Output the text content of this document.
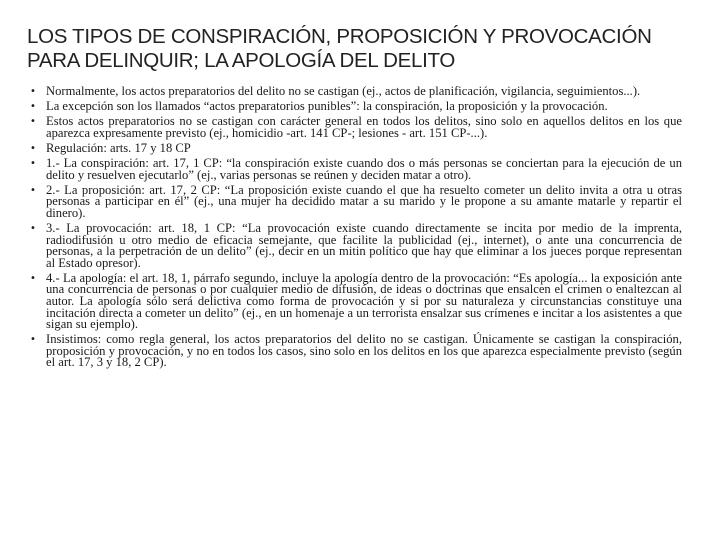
LOS TIPOS DE CONSPIRACIÓN, PROPOSICIÓN Y PROVOCACIÓN PARA DELINQUIR; LA APOLOGÍA DEL DELITO
• Normalmente, los actos preparatorios del delito no se castigan (ej., actos de planificación, vigilancia, seguimientos...).
• La excepción son los llamados “actos preparatorios punibles”: la conspiración, la proposición y la provocación.
• Estos actos preparatorios no se castigan con carácter general en todos los delitos, sino solo en aquellos delitos en los que aparezca expresamente previsto (ej., homicidio -art. 141 CP-; lesiones - art. 151 CP-...).
• Regulación: arts. 17 y 18 CP
• 1.- La conspiración: art. 17, 1 CP: “la conspiración existe cuando dos o más personas se conciertan para la ejecución de un delito y resuelven ejecutarlo” (ej., varias personas se reúnen y deciden matar a otro).
• 2.- La proposición: art. 17, 2 CP: “La proposición existe cuando el que ha resuelto cometer un delito invita a otra u otras personas a participar en él” (ej., una mujer ha decidido matar a su marido y le propone a su amante matarle y repartir el dinero).
• 3.- La provocación: art. 18, 1 CP: “La provocación existe cuando directamente se incita por medio de la imprenta, radiodifusión u otro medio de eficacia semejante, que facilite la publicidad (ej., internet), o ante una concurrencia de personas, a la perpetración de un delito” (ej., decir en un mitin político que hay que eliminar a los jueces porque representan al Estado opresor).
• 4.- La apología: el art. 18, 1, párrafo segundo, incluye la apología dentro de la provocación: “Es apología... la exposición ante una concurrencia de personas o por cualquier medio de difusión, de ideas o doctrinas que ensalcen el crimen o enaltezcan al autor. La apología sólo será delictiva como forma de provocación y si por su naturaleza y circunstancias constituye una incitación directa a cometer un delito” (ej., en un homenaje a un terrorista ensalzar sus crímenes e incitar a los asistentes a que sigan su ejemplo).
• Insistimos: como regla general, los actos preparatorios del delito no se castigan. Únicamente se castigan la conspiración, proposición y provocación, y no en todos los casos, sino solo en los delitos en los que aparezca especialmente previsto (según el art. 17, 3 y 18, 2 CP).
